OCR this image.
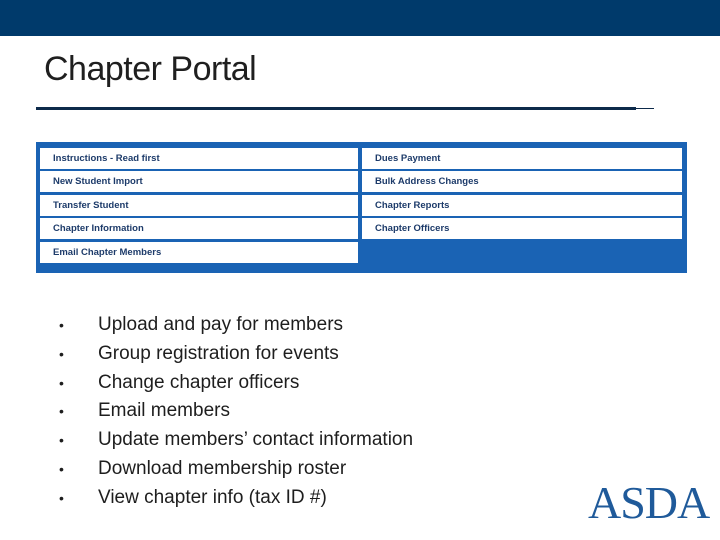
Chapter Portal
Instructions - Read first	Dues Payment
New Student Import	Bulk Address Changes
Transfer Student	Chapter Reports
Chapter Information	Chapter Officers
Email Chapter Members
• Upload and pay for members
• Group registration for events
• Change chapter officers
• Email members
• Update members’ contact information
• Download membership roster
• View chapter info (tax ID #)	ASDA
